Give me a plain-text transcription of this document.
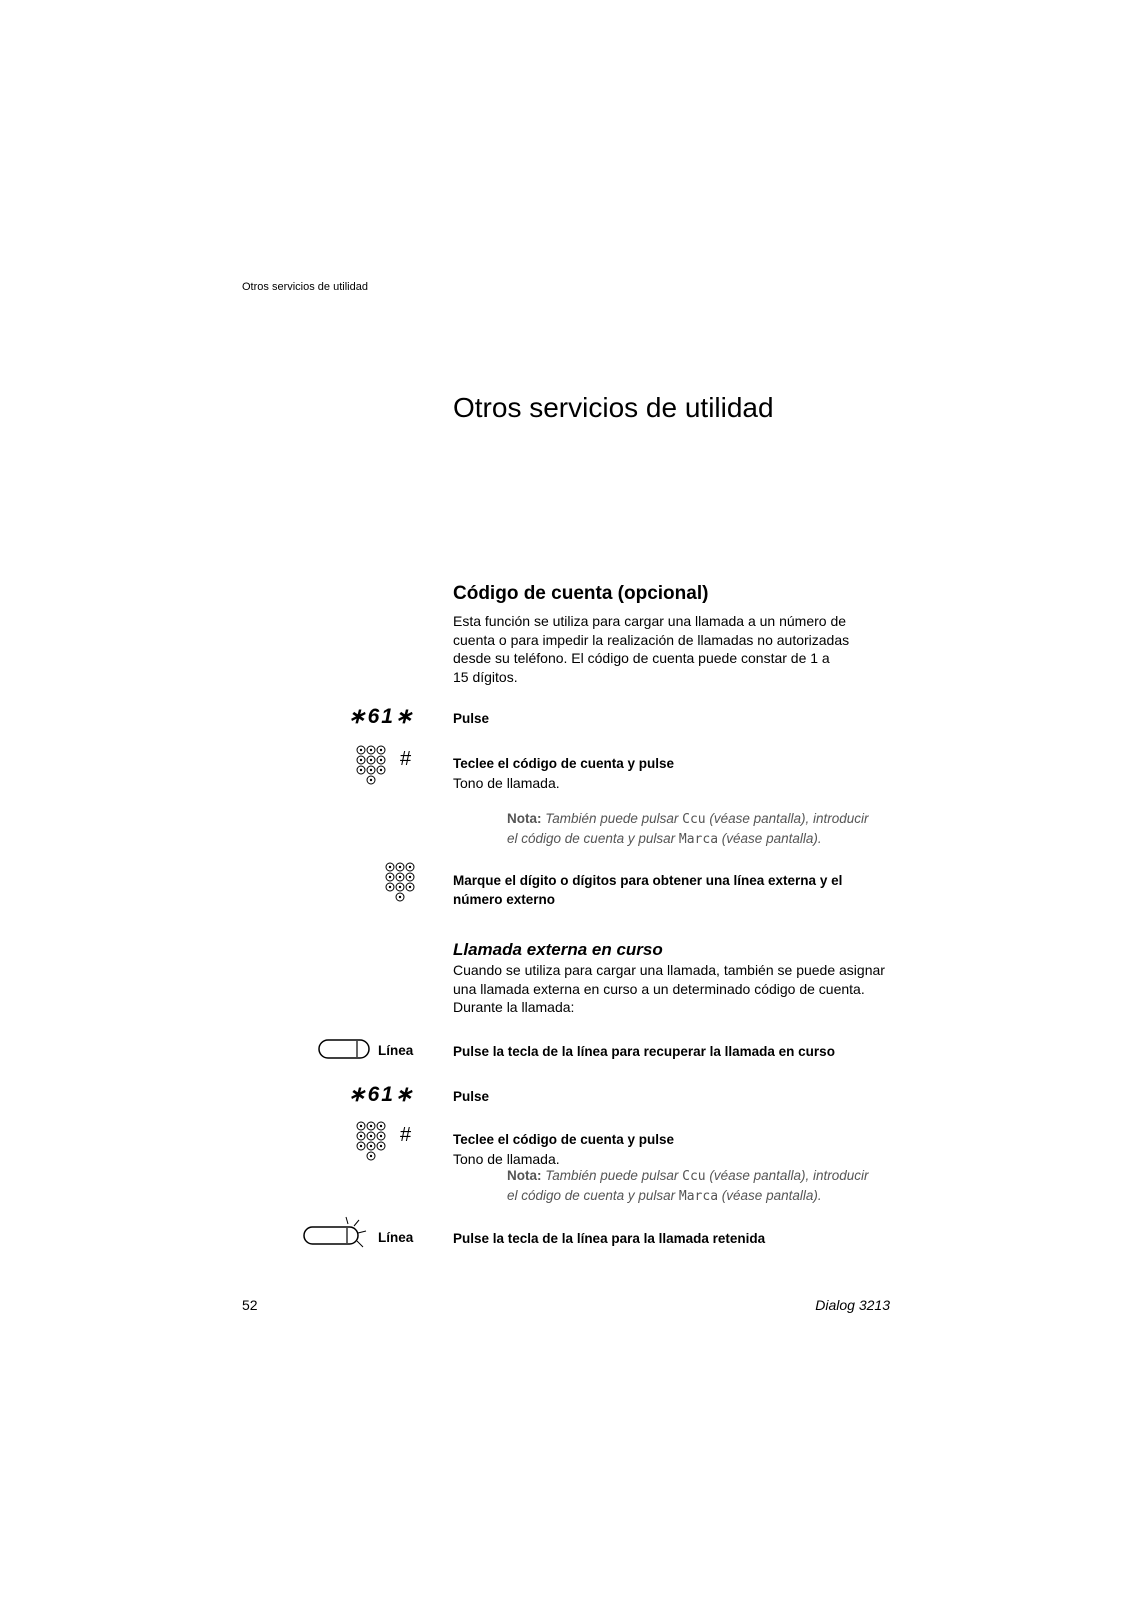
Otros servicios de utilidad
Otros servicios de utilidad
Código de cuenta (opcional)
Esta función se utiliza para cargar una llamada a un número de
cuenta o para impedir la realización de llamadas no autorizadas
desde su teléfono. El código de cuenta puede constar de 1 a
15 dígitos.
∗61∗	Pulse
#	Teclee el código de cuenta y pulse
Tono de llamada.
Nota: También puede pulsar Ccu (véase pantalla), introducir
el código de cuenta y pulsar Marca (véase pantalla).
Marque el dígito o dígitos para obtener una línea externa y el
número externo
Llamada externa en curso
Cuando se utiliza para cargar una llamada, también se puede asignar
una llamada externa en curso a un determinado código de cuenta.
Durante la llamada:
Línea	Pulse la tecla de la línea para recuperar la llamada en curso
∗61∗	Pulse
#	Teclee el código de cuenta y pulse
Tono de llamada.
Nota: También puede pulsar Ccu (véase pantalla), introducir
el código de cuenta y pulsar Marca (véase pantalla).
Línea	Pulse la tecla de la línea para la llamada retenida
52	Dialog 3213
